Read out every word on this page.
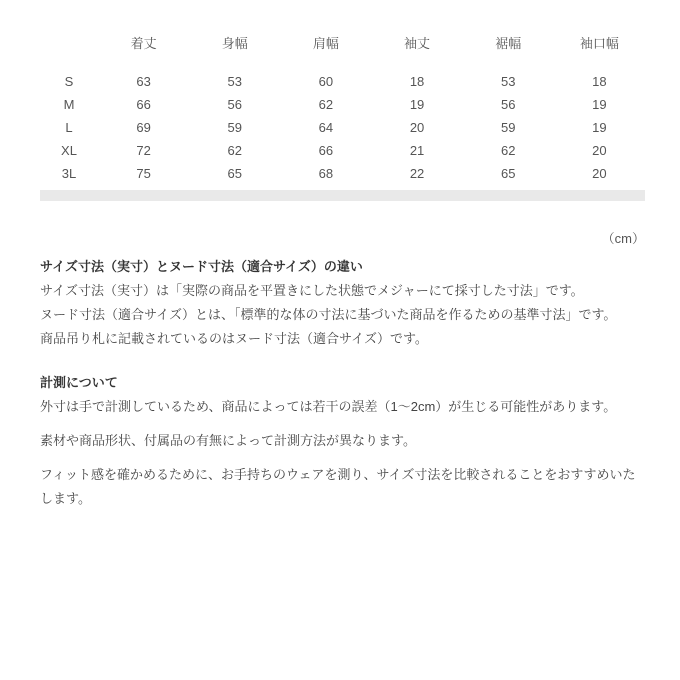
	着丈	身幅	肩幅	袖丈	裾幅	袖口幅
S	63	53	60	18	53	18
M	66	56	62	19	56	19
L	69	59	64	20	59	19
XL	72	62	66	21	62	20
3L	75	65	68	22	65	20
（cm）
サイズ寸法（実寸）とヌード寸法（適合サイズ）の違い
サイズ寸法（実寸）は「実際の商品を平置きにした状態でメジャーにて採寸した寸法」です。
ヌード寸法（適合サイズ）とは、「標準的な体の寸法に基づいた商品を作るための基準寸法」です。
商品吊り札に記載されているのはヌード寸法（適合サイズ）です。
計測について
外寸は手で計測しているため、商品によっては若干の誤差（1～2cm）が生じる可能性があります。
素材や商品形状、付属品の有無によって計測方法が異なります。
フィット感を確かめるために、お手持ちのウェアを測り、サイズ寸法を比較されることをおすすめいたします。
